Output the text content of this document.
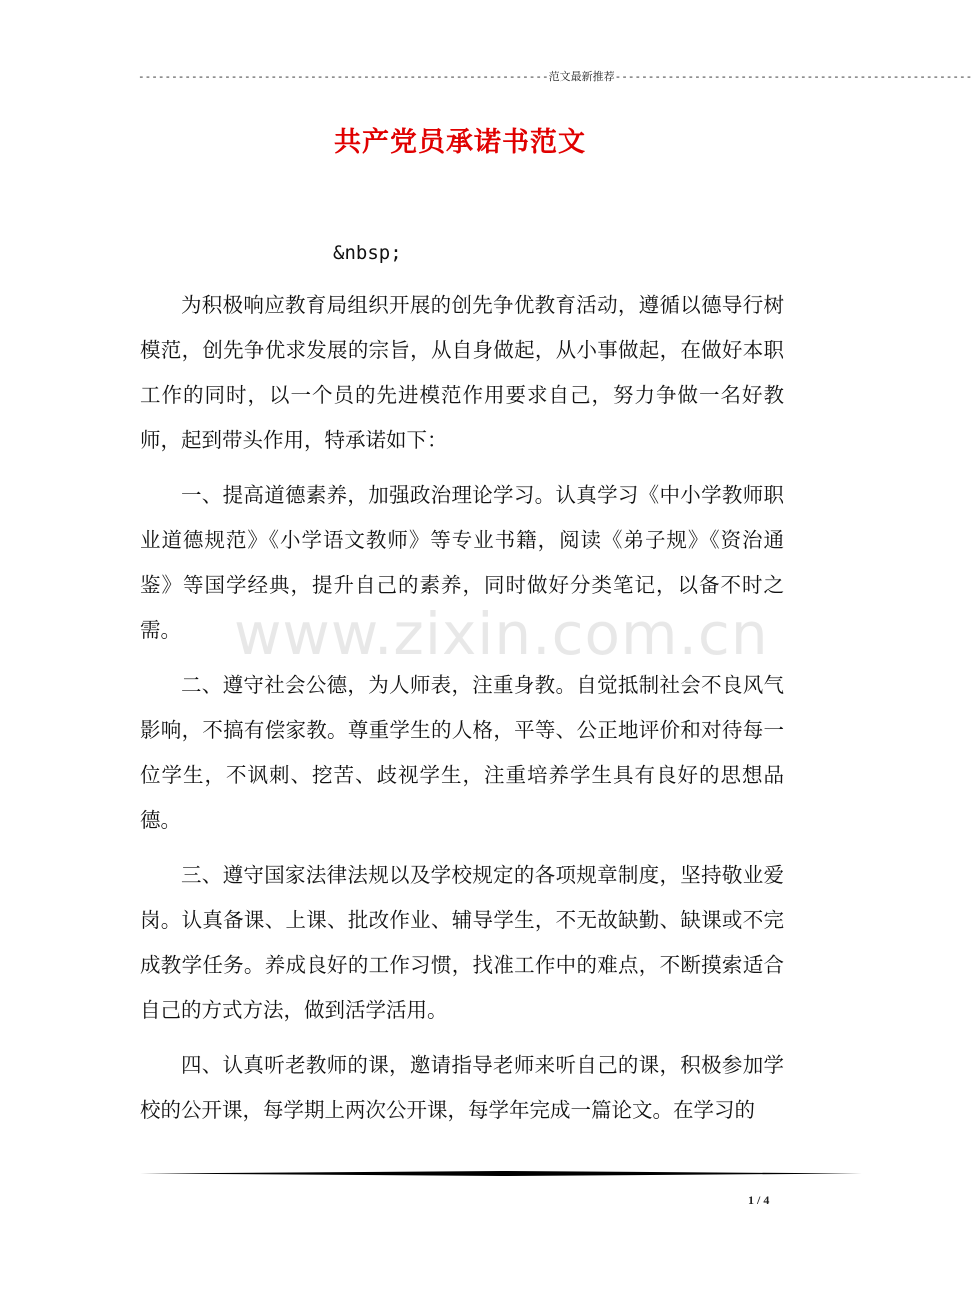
--------------------------------------------------------------范文最新推荐------------------------------------------------------
共产党员承诺书范文
&nbsp;

为积极响应教育局组织开展的创先争优教育活动，遵循以德导行树模范，创先争优求发展的宗旨，从自身做起，从小事做起，在做好本职工作的同时，以一个员的先进模范作用要求自己，努力争做一名好教师，起到带头作用，特承诺如下：

一、提高道德素养，加强政治理论学习。认真学习《中小学教师职业道德规范》《小学语文教师》等专业书籍，阅读《弟子规》《资治通鉴》等国学经典，提升自己的素养，同时做好分类笔记，以备不时之需。

二、遵守社会公德，为人师表，注重身教。自觉抵制社会不良风气影响，不搞有偿家教。尊重学生的人格，平等、公正地评价和对待每一位学生，不讽刺、挖苦、歧视学生，注重培养学生具有良好的思想品德。

三、遵守国家法律法规以及学校规定的各项规章制度，坚持敬业爱岗。认真备课、上课、批改作业、辅导学生，不无故缺勤、缺课或不完成教学任务。养成良好的工作习惯，找准工作中的难点，不断摸索适合自己的方式方法，做到活学活用。

四、认真听老教师的课，邀请指导老师来听自己的课，积极参加学校的公开课，每学期上两次公开课，每学年完成一篇论文。在学习的

www.zixin.com.cn
1 / 4
